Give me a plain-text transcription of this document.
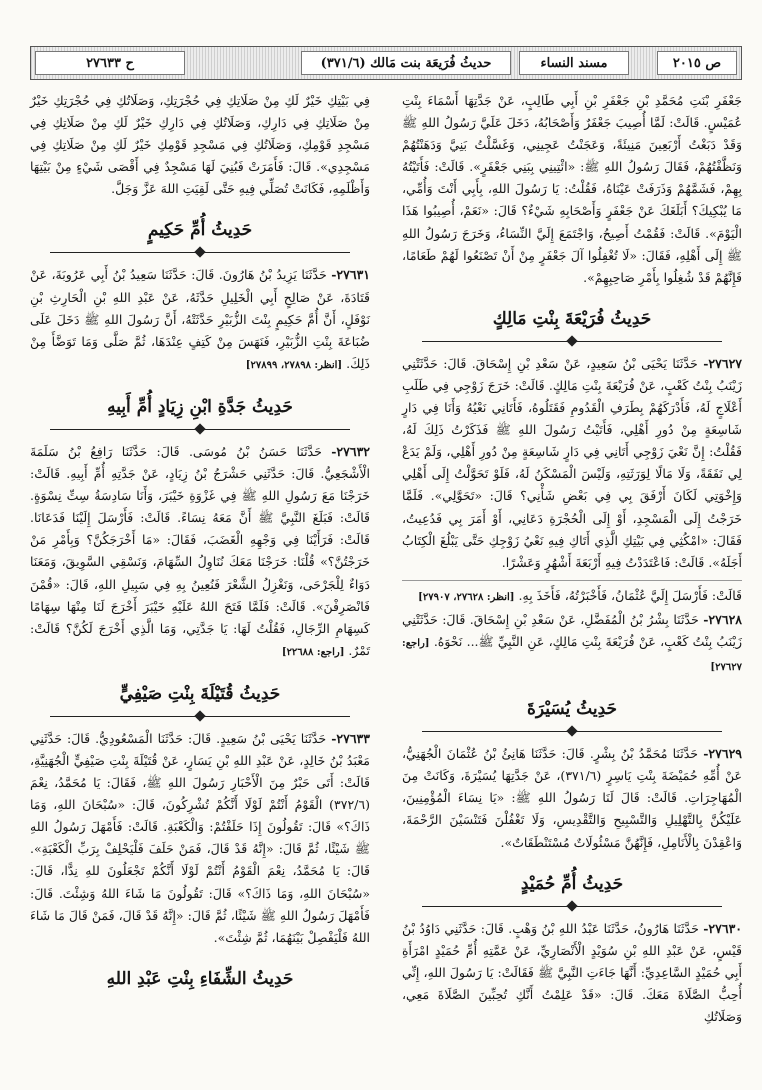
ص ٢٠١٥
مسند النساء
حديثُ فُرَيعَة بنت مَالك (٣٧١/٦)
ح ٢٧٦٣٣

جَعْفَرِ بْنَتِ مُحَمَّدِ بْنِ جَعْفَرِ بْنِ أَبِي طَالِبٍ، عَنْ جَدَّتِهَا أَسْمَاءَ بِنْتِ عُمَيْسٍ. قَالَتْ: لَمَّا أُصِيبَ جَعْفَرٌ وَأَصْحَابُهُ، دَخَلَ عَلَيَّ رَسُولُ اللهِ ﷺ وَقَدْ دَبَغْتُ أَرْبَعِينَ مَنِيئَةً، وَعَجَنْتُ عَجِينِي، وَغَسَّلْتُ بَنِيَّ وَدَهَنْتُهُمْ وَنَظَّفْتُهُمْ، فَقَالَ رَسُولُ اللهِ ﷺ: «ائْتِينِي بِبَنِي جَعْفَرٍ». قَالَتْ: فَأَتَيْتُهُ بِهِمْ، فَشَمَّهُمْ وَذَرَفَتْ عَيْنَاهُ، فَقُلْتُ: يَا رَسُولَ اللهِ، بِأَبِي أَنْتَ وَأُمِّي، مَا يُبْكِيكَ؟ أَبَلَغَكَ عَنْ جَعْفَرٍ وَأَصْحَابِهِ شَيْءٌ؟ قَالَ: «نَعَمْ، أُصِيبُوا هَذَا الْيَوْمَ». قَالَتْ: فَقُمْتُ أَصِيحُ، وَاجْتَمَعَ إِلَيَّ النِّسَاءُ، وَخَرَجَ رَسُولُ اللهِ ﷺ إِلَى أَهْلِهِ، فَقَالَ: «لَا تُغْفِلُوا آلَ جَعْفَرٍ مِنْ أَنْ تَصْنَعُوا لَهُمْ طَعَامًا، فَإِنَّهُمْ قَدْ شُغِلُوا بِأَمْرِ صَاحِبِهِمْ».

حَدِيثُ فُرَيْعَةَ بِنْتِ مَالِكٍ

٢٧٦٢٧- حَدَّثَنَا يَحْيَى بْنُ سَعِيدٍ، عَنْ سَعْدِ بْنِ إِسْحَاقَ. قَالَ: حَدَّثَتْنِي زَيْنَبُ بِنْتُ كَعْبٍ، عَنْ فُرَيْعَةَ بِنْتِ مَالِكٍ. قَالَتْ: خَرَجَ زَوْجِي فِي طَلَبِ أَعْلَاجٍ لَهُ، فَأَدْرَكَهُمْ بِطَرَفِ الْقَدُومِ فَقَتَلُوهُ، فَأَتَانِي نَعْيُهُ وَأَنَا فِي دَارٍ شَاسِعَةٍ مِنْ دُورِ أَهْلِي، فَأَتَيْتُ رَسُولَ اللهِ ﷺ فَذَكَرْتُ ذَلِكَ لَهُ، فَقُلْتُ: إِنَّ نَعْيَ زَوْجِي أَتَانِي فِي دَارٍ شَاسِعَةٍ مِنْ دُورِ أَهْلِي، وَلَمْ يَدَعْ لِي نَفَقَةً، وَلَا مَالًا لِوَرَثَتِهِ، وَلَيْسَ الْمَسْكَنُ لَهُ، فَلَوْ تَحَوَّلْتُ إِلَى أَهْلِي وَإِخْوَتِي لَكَانَ أَرْفَقَ بِي فِي بَعْضِ شَأْنِي؟ قَالَ: «تَحَوَّلِي». فَلَمَّا خَرَجْتُ إِلَى الْمَسْجِدِ، أَوْ إِلَى الْحُجْرَةِ دَعَانِي، أَوْ أَمَرَ بِي فَدُعِيتُ، فَقَالَ: «امْكُثِي فِي بَيْتِكِ الَّذِي أَتَاكِ فِيهِ نَعْيُ زَوْجِكِ حَتَّى يَبْلُغَ الْكِتَابُ أَجَلَهُ». قَالَتْ: فَاعْتَدَدْتُ فِيهِ أَرْبَعَةَ أَشْهُرٍ وَعَشْرًا.

قَالَتْ: فَأَرْسَلَ إِلَيَّ عُثْمَانُ، فَأَخْبَرْتُهُ، فَأَخَذَ بِهِ. [انظر: ٢٧٦٢٨، ٢٧٩٠٧]

٢٧٦٢٨- حَدَّثَنَا بِشْرُ بْنُ الْمُفَضَّلِ، عَنْ سَعْدِ بْنِ إِسْحَاقَ. قَالَ: حَدَّثَتْنِي زَيْنَبُ بِنْتُ كَعْبٍ، عَنْ فُرَيْعَةَ بِنْتِ مَالِكٍ، عَنِ النَّبِيِّ ﷺ... نَحْوَهُ. [راجع: ٢٧٦٢٧]

حَدِيثُ يُسَيْرَةَ

٢٧٦٢٩- حَدَّثَنَا مُحَمَّدُ بْنُ بِشْرٍ. قَالَ: حَدَّثَنَا هَانِئُ بْنُ عُثْمَانَ الْجُهَنِيُّ، عَنْ أُمِّهِ حُمَيْضَةَ بِنْتِ يَاسِرٍ (٣٧١/٦)، عَنْ جَدَّتِهَا يُسَيْرَةَ، وَكَانَتْ مِنَ الْمُهَاجِرَاتِ. قَالَتْ: قَالَ لَنَا رَسُولُ اللهِ ﷺ: «يَا نِسَاءَ الْمُؤْمِنِينَ، عَلَيْكُنَّ بِالتَّهْلِيلِ وَالتَّسْبِيحِ وَالتَّقْدِيسِ، وَلَا تَغْفُلْنَ فَتَنْسَيْنَ الرَّحْمَةَ، وَاعْقِدْنَ بِالْأَنَامِلِ، فَإِنَّهُنَّ مَسْئُولَاتٌ مُسْتَنْطَقَاتٌ».

حَدِيثُ أُمِّ حُمَيْدٍ

٢٧٦٣٠- حَدَّثَنَا هَارُونُ، حَدَّثَنَا عَبْدُ اللهِ بْنُ وَهْبٍ. قَالَ: حَدَّثَنِي دَاوُدُ بْنُ قَيْسٍ، عَنْ عَبْدِ اللهِ بْنِ سُوَيْدٍ الْأَنْصَارِيِّ، عَنْ عَمَّتِهِ أُمِّ حُمَيْدٍ امْرَأَةِ أَبِي حُمَيْدٍ السَّاعِدِيِّ: أَنَّهَا جَاءَتِ النَّبِيَّ ﷺ فَقَالَتْ: يَا رَسُولَ اللهِ، إِنِّي أُحِبُّ الصَّلَاةَ مَعَكَ. قَالَ: «قَدْ عَلِمْتُ أَنَّكِ تُحِبِّينَ الصَّلَاةَ مَعِي، وَصَلَاتُكِ

فِي بَيْتِكِ خَيْرٌ لَكِ مِنْ صَلَاتِكِ فِي حُجْرَتِكِ، وَصَلَاتُكِ فِي حُجْرَتِكِ خَيْرٌ مِنْ صَلَاتِكِ فِي دَارِكِ، وَصَلَاتُكِ فِي دَارِكِ خَيْرٌ لَكِ مِنْ صَلَاتِكِ فِي مَسْجِدِ قَوْمِكِ، وَصَلَاتُكِ فِي مَسْجِدِ قَوْمِكِ خَيْرٌ لَكِ مِنْ صَلَاتِكِ فِي مَسْجِدِي». قَالَ: فَأَمَرَتْ فَبُنِيَ لَهَا مَسْجِدٌ فِي أَقْصَى شَيْءٍ مِنْ بَيْتِهَا وَأَظْلَمِهِ، فَكَانَتْ تُصَلِّي فِيهِ حَتَّى لَقِيَتِ اللهَ عَزَّ وَجَلَّ.

حَدِيثُ أُمِّ حَكِيمٍ

٢٧٦٣١- حَدَّثَنَا يَزِيدُ بْنُ هَارُونَ. قَالَ: حَدَّثَنَا سَعِيدُ بْنُ أَبِي عَرُوبَةَ، عَنْ قَتَادَةَ، عَنْ صَالِحٍ أَبِي الْخَلِيلِ حَدَّثَهُ، عَنْ عَبْدِ اللهِ بْنِ الْحَارِثِ بْنِ نَوْفَلٍ، أَنَّ أُمَّ حَكِيمٍ بِنْتَ الزُّبَيْرِ حَدَّثَتْهُ، أَنَّ رَسُولَ اللهِ ﷺ دَخَلَ عَلَى ضُبَاعَةَ بِنْتِ الزُّبَيْرِ، فَنَهَسَ مِنْ كَتِفٍ عِنْدَهَا، ثُمَّ صَلَّى وَمَا تَوَضَّأَ مِنْ ذَلِكَ. [انظر: ٢٧٨٩٨، ٢٧٨٩٩]

حَدِيثُ جَدَّةِ ابْنِ زِيَادٍ أُمِّ أَبِيهِ

٢٧٦٣٢- حَدَّثَنَا حَسَنُ بْنُ مُوسَى. قَالَ: حَدَّثَنَا رَافِعُ بْنُ سَلَمَةَ الْأَشْجَعِيُّ. قَالَ: حَدَّثَنِي حَشْرَجُ بْنُ زِيَادٍ، عَنْ جَدَّتِهِ أُمِّ أَبِيهِ. قَالَتْ: خَرَجْنَا مَعَ رَسُولِ اللهِ ﷺ فِي غَزْوَةِ خَيْبَرَ، وَأَنَا سَادِسَةُ سِتِّ نِسْوَةٍ. قَالَتْ: فَبَلَغَ النَّبِيَّ ﷺ أَنَّ مَعَهُ نِسَاءً. قَالَتْ: فَأَرْسَلَ إِلَيْنَا فَدَعَانَا. قَالَتْ: فَرَأَيْنَا فِي وَجْهِهِ الْغَضَبَ، فَقَالَ: «مَا أَخْرَجَكُنَّ؟ وَبِأَمْرِ مَنْ خَرَجْتُنَّ؟» قُلْنَا: خَرَجْنَا مَعَكَ نُنَاوِلُ السِّهَامَ، وَنَسْقِي السَّوِيقَ، وَمَعَنَا دَوَاءٌ لِلْجَرْحَى، وَنَغْزِلُ الشَّعْرَ فَنُعِينُ بِهِ فِي سَبِيلِ اللهِ، قَالَ: «قُمْنَ فَانْصَرِفْنَ». قَالَتْ: فَلَمَّا فَتَحَ اللهُ عَلَيْهِ خَيْبَرَ أَخْرَجَ لَنَا مِنْهَا سِهَامًا كَسِهَامِ الرِّجَالِ، فَقُلْتُ لَهَا: يَا جَدَّتِي، وَمَا الَّذِي أَخْرَجَ لَكُنَّ؟ قَالَتْ: تَمْرٌ. [راجع: ٢٢٦٨٨]

حَدِيثُ قُتَيْلَةَ بِنْتِ صَيْفِيٍّ

٢٧٦٣٣- حَدَّثَنَا يَحْيَى بْنُ سَعِيدٍ. قَالَ: حَدَّثَنَا الْمَسْعُودِيُّ. قَالَ: حَدَّثَنِي مَعْبَدُ بْنُ خَالِدٍ، عَنْ عَبْدِ اللهِ بْنِ يَسَارٍ، عَنْ قُتَيْلَةَ بِنْتِ صَيْفِيٍّ الْجُهَنِيَّةِ، قَالَتْ: أَتَى حَبْرٌ مِنَ الْأَحْبَارِ رَسُولَ اللهِ ﷺ، فَقَالَ: يَا مُحَمَّدُ، نِعْمَ (٣٧٢/٦) الْقَوْمُ أَنْتُمْ لَوْلَا أَنَّكُمْ تُشْرِكُونَ، قَالَ: «سُبْحَانَ اللهِ، وَمَا ذَاكَ؟» قَالَ: تَقُولُونَ إِذَا حَلَفْتُمْ: وَالْكَعْبَةِ. قَالَتْ: فَأَمْهَلَ رَسُولُ اللهِ ﷺ شَيْئًا، ثُمَّ قَالَ: «إِنَّهُ قَدْ قَالَ، فَمَنْ حَلَفَ فَلْيَحْلِفْ بِرَبِّ الْكَعْبَةِ». قَالَ: يَا مُحَمَّدُ، نِعْمَ الْقَوْمُ أَنْتُمْ لَوْلَا أَنَّكُمْ تَجْعَلُونَ للهِ نِدًّا، قَالَ: «سُبْحَانَ اللهِ، وَمَا ذَاكَ؟» قَالَ: تَقُولُونَ مَا شَاءَ اللهُ وَشِئْتَ. قَالَ: فَأَمْهَلَ رَسُولُ اللهِ ﷺ شَيْئًا، ثُمَّ قَالَ: «إِنَّهُ قَدْ قَالَ، فَمَنْ قَالَ مَا شَاءَ اللهُ فَلْيَفْصِلْ بَيْنَهُمَا، ثُمَّ شِئْتَ».

حَدِيثُ الشِّفَاءِ بِنْتِ عَبْدِ اللهِ
